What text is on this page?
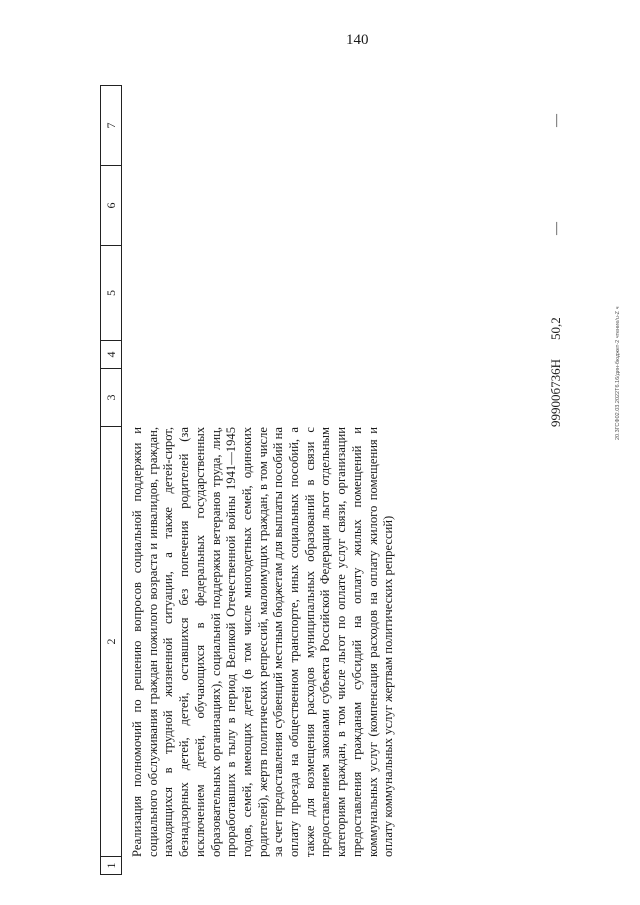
140
20.3ГСФ02.03.2022Т6.16/дин-бюджет-2 чтениe/u-Z ч
1
2
3
4
5
6
7
Реализация полномочий по решению вопросов социальной поддержки и социального обслуживания граждан пожилого возраста и инвалидов, граждан, находящихся в трудной жизненной ситуации, а также детей-сирот, безнадзорных детей, детей, оставшихся без попечения родителей (за исключением детей, обучающихся в федеральных государственных образовательных организациях), социальной поддержки ветеранов труда, лиц, проработавших в тылу в период Великой Отечественной войны 1941—1945 годов, семей, имеющих детей (в том числе многодетных семей, одиноких родителей), жертв политических репрессий, малоимущих граждан, в том числе за счет предоставления субвенций местным бюджетам для выплаты пособий на оплату проезда на общественном транспорте, иных социальных пособий, а также для возмещения расходов муниципальных образований в связи с предоставлением законами субъекта Российской Федерации льгот отдельным категориям граждан, в том числе льгот по оплате услуг связи, организации предоставления гражданам субсидий на оплату жилых помещений и коммунальных услуг (компенсация расходов на оплату жилого помещения и оплату коммунальных услуг жертвам политических репрессий)
99900б736Н
50,2
—
—
